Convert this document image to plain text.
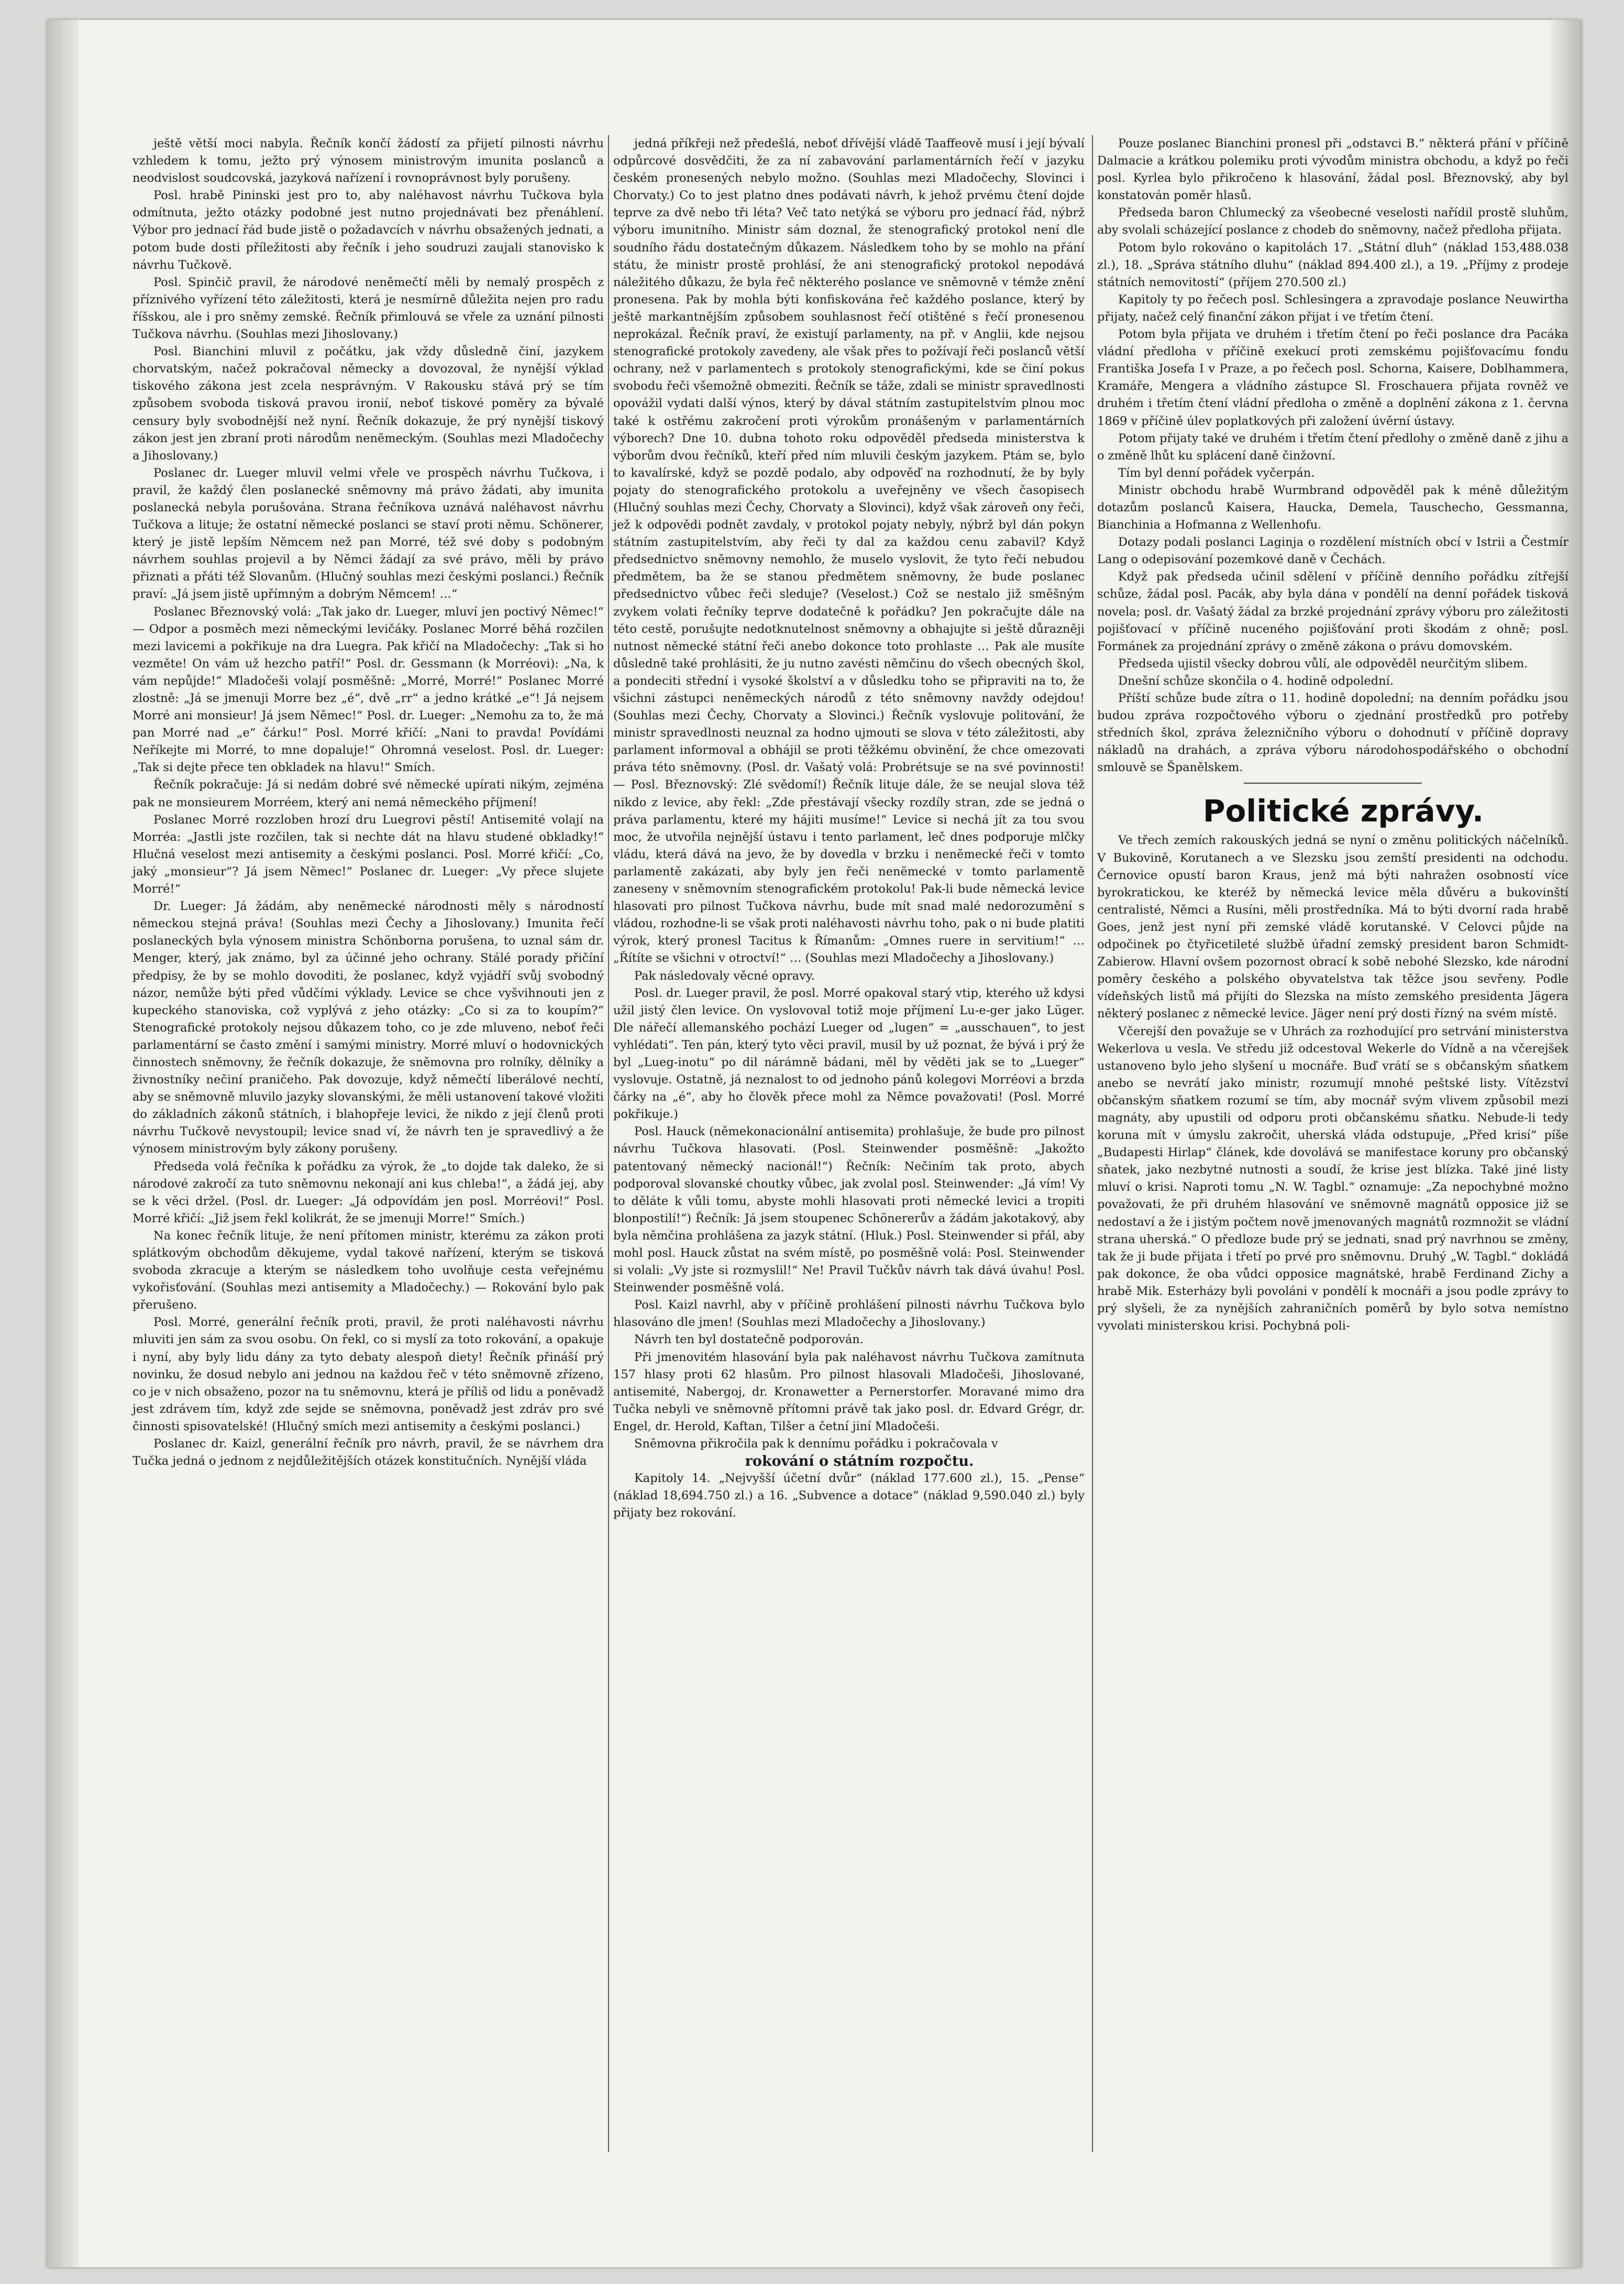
ještě větší moci nabyla. Řečník končí žádostí za přijetí pilnosti návrhu vzhledem k tomu, ježto prý výnosem ministrovým imunita poslanců a neodvislost soudcovská, jazyková nařízení i rovnoprávnost byly porušeny.

Posl. hrabě Pininski jest pro to, aby naléhavost návrhu Tučkova byla odmítnuta, ježto otázky podobné jest nutno projednávati bez přenáhlení. Výbor pro jednací řád bude jistě o požadavcích v návrhu obsažených jednati, a potom bude dosti příležitosti aby řečník i jeho soudruzi zaujali stanovisko k návrhu Tučkově.

Posl. Spinčič pravil, že národové neněmečtí měli by nemalý prospěch z příznivého vyřízení této záležitosti, která je nesmírně důležita nejen pro radu říšskou, ale i pro sněmy zemské. Řečník přimlouvá se vřele za uznání pilnosti Tučkova návrhu. (Souhlas mezi Jihoslovany.)

Posl. Bianchini mluvil z počátku, jak vždy důsledně činí, jazykem chorvatským, načež pokračoval německy a dovozoval, že nynější výklad tiskového zákona jest zcela nesprávným. V Rakousku stává prý se tím způsobem svoboda tisková pravou ironií, neboť tiskové poměry za bývalé censury byly svobodnější než nyní. Řečník dokazuje, že prý nynější tiskový zákon jest jen zbraní proti národům nenĕmeckým. (Souhlas mezi Mladočechy a Jihoslovany.)

Poslanec dr. Lueger mluvil velmi vřele ve prospěch návrhu Tučkova, i pravil, že každý člen poslanecké sněmovny má právo žádati, aby imunita poslanecká nebyla porušována. Strana řečníkova uznává naléhavost návrhu Tučkova a lituje; že ostatní německé poslanci se staví proti němu. Schönerer, který je jistě lepším Němcem než pan Morré, též své doby s podobným návrhem souhlas projevil a by Němci žádají za své právo, měli by právo přiznati a přáti též Slovanům. (Hlučný souhlas mezi českými poslanci.) Řečník praví: „Já jsem jistě upřímným a dobrým Němcem! …“

Poslanec Březnovský volá: „Tak jako dr. Lueger, mluví jen poctivý Němec!“ — Odpor a posměch mezi německými levičáky. Poslanec Morré běhá rozčilen mezi lavicemi a pokřikuje na dra Luegra. Pak křičí na Mladočechy: „Tak si ho vezměte! On vám už hezcho patří!“ Posl. dr. Gessmann (k Morréovi): „Na, k vám nepůjde!“ Mladočeši volají posměšně: „Morré, Morré!“ Poslanec Morré zlostně: „Já se jmenuji Morre bez „é“, dvě „rr“ a jedno krátké „e“! Já nejsem Morré ani monsieur! Já jsem Němec!“ Posl. dr. Lueger: „Nemohu za to, že má pan Morré nad „e“ čárku!“ Posl. Morré křičí: „Nani to pravda! Povídámi Neříkejte mi Morré, to mne dopaluje!“ Ohromná veselost. Posl. dr. Lueger: „Tak si dejte přece ten obkladek na hlavu!“ Smích.

Řečník pokračuje: Já si nedám dobré své německé upírati nikým, zejména pak ne monsieurem Morréem, který ani nemá německého příjmení!

Poslanec Morré rozzloben hrozí dru Luegrovi pěstí! Antisemité volají na Morréa: „Jastli jste rozčilen, tak si nechte dát na hlavu studené obkladky!“ Hlučná veselost mezi antisemity a českými poslanci. Posl. Morré křičí: „Co, jaký „monsieur“? Já jsem Němec!“ Poslanec dr. Lueger: „Vy přece slujete Morré!“

Dr. Lueger: Já žádám, aby nenĕmecké národnosti měly s národností německou stejná práva! (Souhlas mezi Čechy a Jihoslovany.) Imunita řečí poslaneckých byla výnosem ministra Schönborna porušena, to uznal sám dr. Menger, který, jak známo, byl za účinné jeho ochrany. Stálé porady přičíní předpisy, že by se mohlo dovoditi, že poslanec, když vyjádří svůj svobodný názor, nemůže býti před vůdčími výklady. Levice se chce vyšvihnouti jen z kupeckého stanoviska, což vyplývá z jeho otázky: „Co si za to koupím?“ Stenografické protokoly nejsou důkazem toho, co je zde mluveno, neboť řeči parlamentární se často změní i samými ministry. Morré mluví o hodovnických činnostech sněmovny, že řečník dokazuje, že sněmovna pro rolníky, dělníky a živnostníky nečiní praničeho. Pak dovozuje, když němečtí liberálové nechtí, aby se sněmovně mluvilo jazyky slovanskými, že měli ustanovení takové vložiti do základních zákonů státních, i blahopřeje levici, že nikdo z její členů proti návrhu Tučkově nevystoupil; levice snad ví, že návrh ten je spravedlivý a že výnosem ministrovým byly zákony porušeny.

Předseda volá řečníka k pořádku za výrok, že „to dojde tak daleko, že si národové zakročí za tuto sněmovnu nekonají ani kus chleba!“, a žádá jej, aby se k věci držel. (Posl. dr. Lueger: „Já odpovídám jen posl. Morréovi!“ Posl. Morré křičí: „Již jsem řekl kolikrát, že se jmenuji Morre!“ Smích.)

Na konec řečník lituje, že není přítomen ministr, kterému za zákon proti splátkovým obchodům děkujeme, vydal takové nařízení, kterým se tisková svoboda zkracuje a kterým se následkem toho uvolňuje cesta veřejnému vykořisťování. (Souhlas mezi antisemity a Mladočechy.) — Rokování bylo pak přerušeno.

Posl. Morré, generální řečník proti, pravil, že proti naléhavosti návrhu mluviti jen sám za svou osobu. On řekl, co si myslí za toto rokování, a opakuje i nyní, aby byly lidu dány za tyto debaty alespoň diety! Řečník přináší prý novinku, že dosud nebylo ani jednou na každou řeč v této sněmovně zřízeno, co je v nich obsaženo, pozor na tu sněmovnu, která je příliš od lidu a poněvadž jest zdrávem tím, když zde sejde se sněmovna, poněvadž jest zdráv pro své činnosti spisovatelské! (Hlučný smích mezi antisemity a českými poslanci.)

Poslanec dr. Kaizl, generální řečník pro návrh, pravil, že se návrhem dra Tučka jedná o jednom z nejdůležitějších otázek konstitučních. Nynější vláda

jedná příkřeji než předešlá, neboť dřívější vládě Taaffeově musí i její bývalí odpůrcové dosvědčiti, že za ní zabavování parlamentárních řečí v jazyku českém pronesených nebylo možno. (Souhlas mezi Mladočechy, Slovinci i Chorvaty.) Co to jest platno dnes podávati návrh, k jehož prvému čtení dojde teprve za dvě nebo tři léta? Več tato netýká se výboru pro jednací řád, nýbrž výboru imunitního. Ministr sám doznal, že stenografický protokol není dle soudního řádu dostatečným důkazem. Následkem toho by se mohlo na přání státu, že ministr prostě prohlásí, že ani stenografický protokol nepodává náležitého důkazu, že byla řeč některého poslance ve sněmovně v témže znění pronesena. Pak by mohla býti konfiskována řeč každého poslance, který by ještě markantnějším způsobem souhlasnost řečí otištěné s řečí pronesenou neprokázal. Řečník praví, že existují parlamenty, na př. v Anglii, kde nejsou stenografické protokoly zavedeny, ale však přes to požívají řeči poslanců větší ochrany, než v parlamentech s protokoly stenografickými, kde se činí pokus svobodu řeči všemožně obmeziti. Řečník se táže, zdali se ministr spravedlnosti opovážil vydati další výnos, který by dával státním zastupitelstvím plnou moc také k ostřému zakročení proti výrokům pronášeným v parlamentárních výborech? Dne 10. dubna tohoto roku odpověděl předseda ministerstva k výborům dvou řečníků, kteří před ním mluvili českým jazykem. Ptám se, bylo to kavalírské, když se pozdě podalo, aby odpověď na rozhodnutí, že by byly pojaty do stenografického protokolu a uveřejněny ve všech časopisech (Hlučný souhlas mezi Čechy, Chorvaty a Slovinci), když však zároveň ony řeči, jež k odpovědi podnět zavdaly, v protokol pojaty nebyly, nýbrž byl dán pokyn státním zastupitelstvím, aby řeči ty dal za každou cenu zabavil? Když předsednictvo sněmovny nemohlo, že muselo vyslovit, že tyto řeči nebudou předmětem, ba že se stanou předmětem sněmovny, že bude poslanec předsednictvo vůbec řeči sleduje? (Veselost.) Což se nestalo již směšným zvykem volati řečníky teprve dodatečně k pořádku? Jen pokračujte dále na této cestě, porušujte nedotknutelnost sněmovny a obhajujte si ještě důrazněji nutnost německé státní řeči anebo dokonce toto prohlaste … Pak ale musíte důsledně také prohlásiti, že ju nutno zavésti němčinu do všech obecných škol, a pondeciti střední i vysoké školství a v důsledku toho se připraviti na to, že všichni zástupci nenĕmeckých národů z této sněmovny navždy odejdou! (Souhlas mezi Čechy, Chorvaty a Slovinci.) Řečník vyslovuje politování, že ministr spravedlnosti neuznal za hodno ujmouti se slova v této záležitosti, aby parlament informoval a obhájil se proti těžkému obvinění, že chce omezovati práva této sněmovny. (Posl. dr. Vašatý volá: Probrétsuje se na své povinnosti! — Posl. Březnovský: Zlé svědomí!) Řečník lituje dále, že se neujal slova též nikdo z levice, aby řekl: „Zde přestávají všecky rozdíly stran, zde se jedná o práva parlamentu, které my hájiti musíme!“ Levice si nechá jít za tou svou moc, že utvořila nejnější ústavu i tento parlament, leč dnes podporuje mlčky vládu, která dává na jevo, že by dovedla v brzku i nenĕmecké řeči v tomto parlamentě zakázati, aby byly jen řeči nenĕmecké v tomto parlamentě zaneseny v sněmovním stenografickém protokolu! Pak-li bude německá levice hlasovati pro pilnost Tučkova návrhu, bude mít snad malé nedorozumění s vládou, rozhodne-li se však proti naléhavosti návrhu toho, pak o ni bude platiti výrok, který pronesl Tacitus k Římanům: „Omnes ruere in servitium!“ … „Řítíte se všichni v otroctví!“ … (Souhlas mezi Mladočechy a Jihoslovany.)

Pak následovaly věcné opravy.

Posl. dr. Lueger pravil, že posl. Morré opakoval starý vtip, kterého už kdysi užil jistý člen levice. On vyslovoval totiž moje příjmení Lu-e-ger jako Lüger. Dle nářečí allemanského pochází Lueger od „lugen“ = „ausschauen“, to jest vyhlédati“. Ten pán, který tyto věci pravil, musil by už poznat, že bývá i prý že byl „Lueg-inotu“ po dil nárámně bádani, měl by věděti jak se to „Lueger“ vyslovuje. Ostatně, já neznalost to od jednoho pánů kolegovi Morréovi a brzda čárky na „é“, aby ho člověk přece mohl za Němce považovati! (Posl. Morré pokřikuje.)

Posl. Hauck (němekonacionální antisemita) prohlašuje, že bude pro pilnost návrhu Tučkova hlasovati. (Posl. Steinwender posměšně: „Jakožto patentovaný německý nacionál!“) Řečník: Nečiním tak proto, abych podporoval slovanské choutky vůbec, jak zvolal posl. Steinwender: „Já vím! Vy to děláte k vůli tomu, abyste mohli hlasovati proti německé levici a tropiti blonpostilí!“) Řečník: Já jsem stoupenec Schönererův a žádám jakotakový, aby byla němčina prohlášena za jazyk státní. (Hluk.) Posl. Steinwender si přál, aby mohl posl. Hauck zůstat na svém místě, po posměšně volá: Posl. Steinwender si volali: „Vy jste si rozmyslil!“ Ne! Pravil Tučkův návrh tak dává úvahu! Posl. Steinwender posměšně volá.

Posl. Kaizl navrhl, aby v příčině prohlášení pilnosti návrhu Tučkova bylo hlasováno dle jmen! (Souhlas mezi Mladočechy a Jihoslovany.)

Návrh ten byl dostatečně podporován.

Při jmenovitém hlasování byla pak naléhavost návrhu Tučkova zamítnuta 157 hlasy proti 62 hlasům. Pro pilnost hlasovali Mladočeši, Jihoslované, antisemité, Nabergoj, dr. Kronawetter a Pernerstorfer. Moravané mimo dra Tučka nebyli ve sněmovně přítomni právě tak jako posl. dr. Edvard Grégr, dr. Engel, dr. Herold, Kaftan, Tilšer a četní jiní Mladočeši.

Sněmovna přikročila pak k dennímu pořádku i pokračovala v

rokování o státním rozpočtu.

Kapitoly 14. „Nejvyšší účetní dvůr“ (náklad 177.600 zl.), 15. „Pense“ (náklad 18,694.750 zl.) a 16. „Subvence a dotace“ (náklad 9,590.040 zl.) byly přijaty bez rokování.

Pouze poslanec Bianchini pronesl při „odstavci B.“ některá přání v příčině Dalmacie a krátkou polemiku proti vývodům ministra obchodu, a když po řeči posl. Kyrlea bylo přikročeno k hlasování, žádal posl. Březnovský, aby byl konstatován poměr hlasů.

Předseda baron Chlumecký za všeobecné veselosti nařídil prostě sluhům, aby svolali scházející poslance z chodeb do sněmovny, načež předloha přijata.

Potom bylo rokováno o kapitolách 17. „Státní dluh“ (náklad 153,488.038 zl.), 18. „Správa státního dluhu“ (náklad 894.400 zl.), a 19. „Příjmy z prodeje státních nemovitostí“ (příjem 270.500 zl.)

Kapitoly ty po řečech posl. Schlesingera a zpravodaje poslance Neuwirtha přijaty, načež celý finanční zákon přijat i ve třetím čtení.

Potom byla přijata ve druhém i třetím čtení po řeči poslance dra Pacáka vládní předloha v příčině exekucí proti zemskému pojišťovacímu fondu Františka Josefa I v Praze, a po řečech posl. Schorna, Kaisere, Doblhammera, Kramáře, Mengera a vládního zástupce Sl. Froschauera přijata rovněž ve druhém i třetím čtení vládní předloha o změně a doplnění zákona z 1. června 1869 v příčině úlev poplatkových při založení úvěrní ústavy.

Potom přijaty také ve druhém i třetím čtení předlohy o změně daně z jihu a o změně lhůt ku splácení daně činžovní.

Tím byl denní pořádek vyčerpán.

Ministr obchodu hrabě Wurmbrand odpověděl pak k méně důležitým dotazům poslanců Kaisera, Haucka, Demela, Tauschecho, Gessmanna, Bianchinia a Hofmanna z Wellenhofu.

Dotazy podali poslanci Laginja o rozdělení místních obcí v Istrii a Čestmír Lang o odepisování pozemkové daně v Čechách.

Když pak předseda učinil sdělení v příčině denního pořádku zítřejší schůze, žádal posl. Pacák, aby byla dána v pondělí na denní pořádek tisková novela; posl. dr. Vašatý žádal za brzké projednání zprávy výboru pro záležitosti pojišťovací v příčině nuceného pojišťování proti škodám z ohně; posl. Formánek za projednání zprávy o změně zákona o právu domovském.

Předseda ujistil všecky dobrou vůlí, ale odpověděl neurčitým slibem.

Dnešní schůze skončila o 4. hodině odpolední.

Příští schůze bude zítra o 11. hodině dopolední; na denním pořádku jsou budou zpráva rozpočtového výboru o zjednání prostředků pro potřeby středních škol, zpráva železničního výboru o dohodnutí v příčině dopravy nákladů na drahách, a zpráva výboru národohospodářského o obchodní smlouvě se Španělskem.

Politické zprávy.

Ve třech zemích rakouských jedná se nyní o změnu politických náčelníků. V Bukovině, Korutanech a ve Slezsku jsou zemští presidenti na odchodu. Černovice opustí baron Kraus, jenž má býti nahražen osobností více byrokratickou, ke kteréž by německá levice měla důvěru a bukovinští centralisté, Němci a Rusíni, měli prostředníka. Má to býti dvorní rada hrabě Goes, jenž jest nyní při zemské vládě korutanské. V Celovci půjde na odpočinek po čtyřicetileté službě úřadní zemský president baron Schmidt-Zabierow. Hlavní ovšem pozornost obrací k sobě nebohé Slezsko, kde národní poměry českého a polského obyvatelstva tak těžce jsou sevřeny. Podle vídeňských listů má přijíti do Slezska na místo zemského presidenta Jägera některý poslanec z německé levice. Jäger není prý dosti řízný na svém místě.

Včerejší den považuje se v Uhrách za rozhodující pro setrvání ministerstva Wekerlova u vesla. Ve středu již odcestoval Wekerle do Vídně a na včerejšek ustanoveno bylo jeho slyšení u mocnáře. Buď vrátí se s občanským sňatkem anebo se nevrátí jako ministr, rozumují mnohé peštské listy. Vítězství občanským sňatkem rozumí se tím, aby mocnář svým vlivem způsobil mezi magnáty, aby upustili od odporu proti občanskému sňatku. Nebude-li tedy koruna mít v úmyslu zakročit, uherská vláda odstupuje, „Před krisí“ píše „Budapesti Hirlap“ článek, kde dovolává se manifestace koruny pro občanský sňatek, jako nezbytné nutnosti a soudí, že krise jest blízka. Také jiné listy mluví o krisi. Naproti tomu „N. W. Tagbl.“ oznamuje: „Za nepochybné možno považovati, že při druhém hlasování ve sněmovně magnátů opposice již se nedostaví a že i jistým počtem nově jmenovaných magnátů rozmnožit se vládní strana uherská.“ O předloze bude prý se jednati, snad prý navrhnou se změny, tak že ji bude přijata i třetí po prvé pro sněmovnu. Druhý „W. Tagbl.“ dokládá pak dokonce, že oba vůdci opposice magnátské, hrabě Ferdinand Zichy a hrabě Mik. Esterházy byli povoláni v pondělí k mocnáři a jsou podle zprávy to prý slyšeli, že za nynějších zahraničních poměrů by bylo sotva nemístno vyvolati ministerskou krisi. Pochybná poli-
